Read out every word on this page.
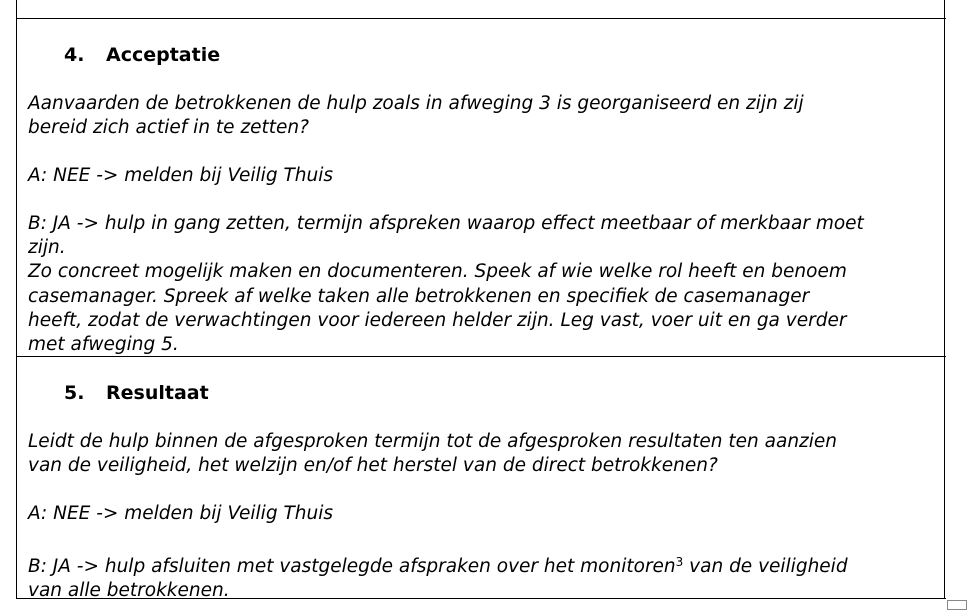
4. Acceptatie
Aanvaarden de betrokkenen de hulp zoals in afweging 3 is georganiseerd en zijn zij
bereid zich actief in te zetten?
A: NEE -> melden bij Veilig Thuis
B: JA -> hulp in gang zetten, termijn afspreken waarop effect meetbaar of merkbaar moet
zijn.
Zo concreet mogelijk maken en documenteren. Speek af wie welke rol heeft en benoem
casemanager. Spreek af welke taken alle betrokkenen en specifiek de casemanager
heeft, zodat de verwachtingen voor iedereen helder zijn. Leg vast, voer uit en ga verder
met afweging 5.
5. Resultaat
Leidt de hulp binnen de afgesproken termijn tot de afgesproken resultaten ten aanzien
van de veiligheid, het welzijn en/of het herstel van de direct betrokkenen?
A: NEE -> melden bij Veilig Thuis
B: JA -> hulp afsluiten met vastgelegde afspraken over het monitoren$^3$ van de veiligheid
van alle betrokkenen.
